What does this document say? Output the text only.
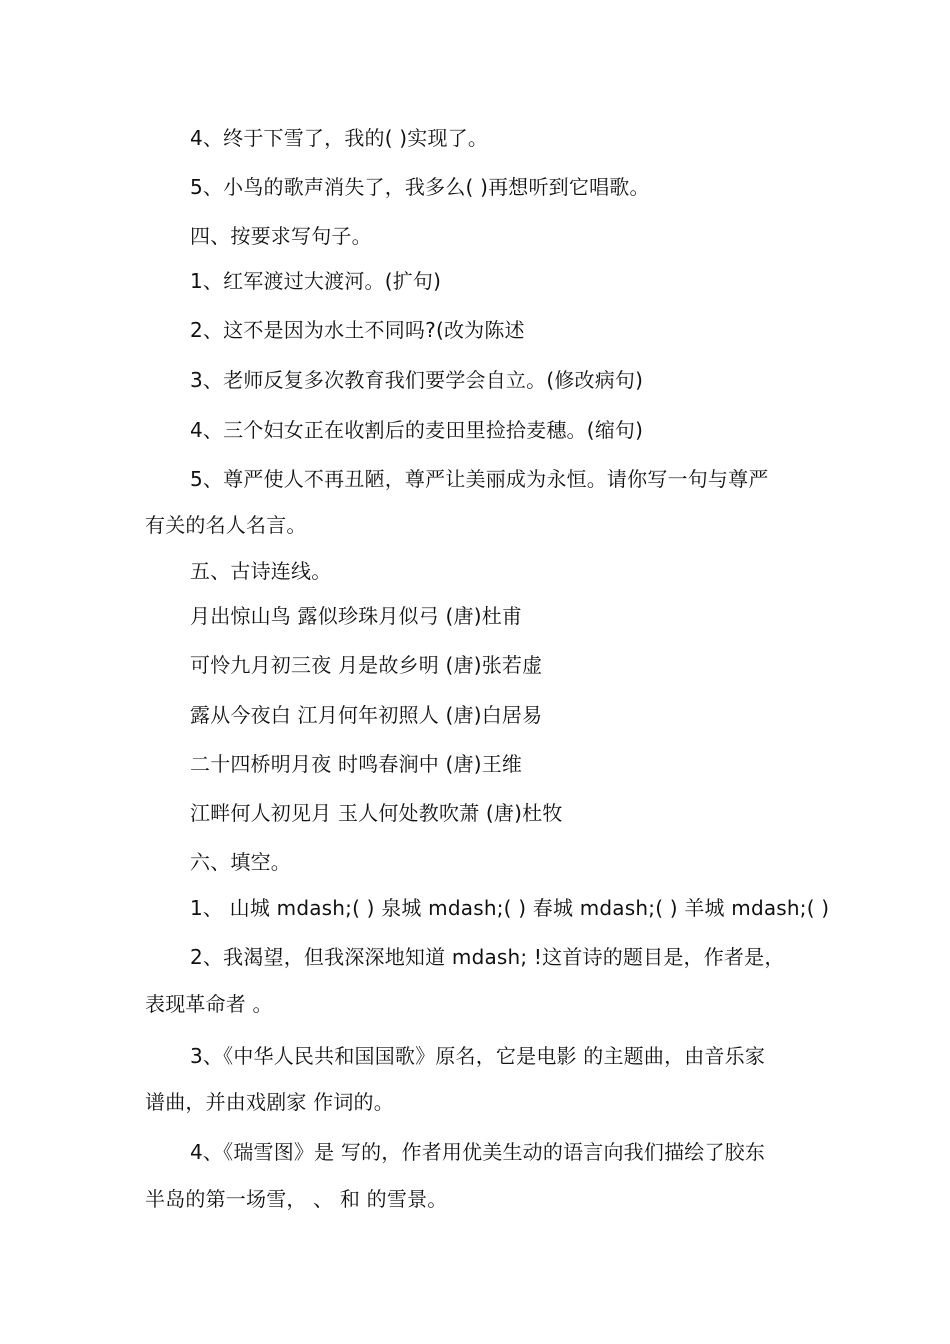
4、终于下雪了，我的( )实现了。
5、小鸟的歌声消失了，我多么( )再想听到它唱歌。
四、按要求写句子。
1、红军渡过大渡河。(扩句)
2、这不是因为水土不同吗?(改为陈述
3、老师反复多次教育我们要学会自立。(修改病句)
4、三个妇女正在收割后的麦田里捡拾麦穗。(缩句)
5、尊严使人不再丑陋，尊严让美丽成为永恒。请你写一句与尊严
有关的名人名言。
五、古诗连线。
月出惊山鸟 露似珍珠月似弓 (唐)杜甫
可怜九月初三夜 月是故乡明 (唐)张若虚
露从今夜白 江月何年初照人 (唐)白居易
二十四桥明月夜 时鸣春涧中 (唐)王维
江畔何人初见月 玉人何处教吹萧 (唐)杜牧
六、填空。
1、 山城 mdash;( ) 泉城 mdash;( ) 春城 mdash;( ) 羊城 mdash;( )
2、我渴望，但我深深地知道 mdash; !这首诗的题目是，作者是，
表现革命者 。
3、《中华人民共和国国歌》原名，它是电影 的主题曲，由音乐家
谱曲，并由戏剧家 作词的。
4、《瑞雪图》是 写的，作者用优美生动的语言向我们描绘了胶东
半岛的第一场雪， 、 和 的雪景。
